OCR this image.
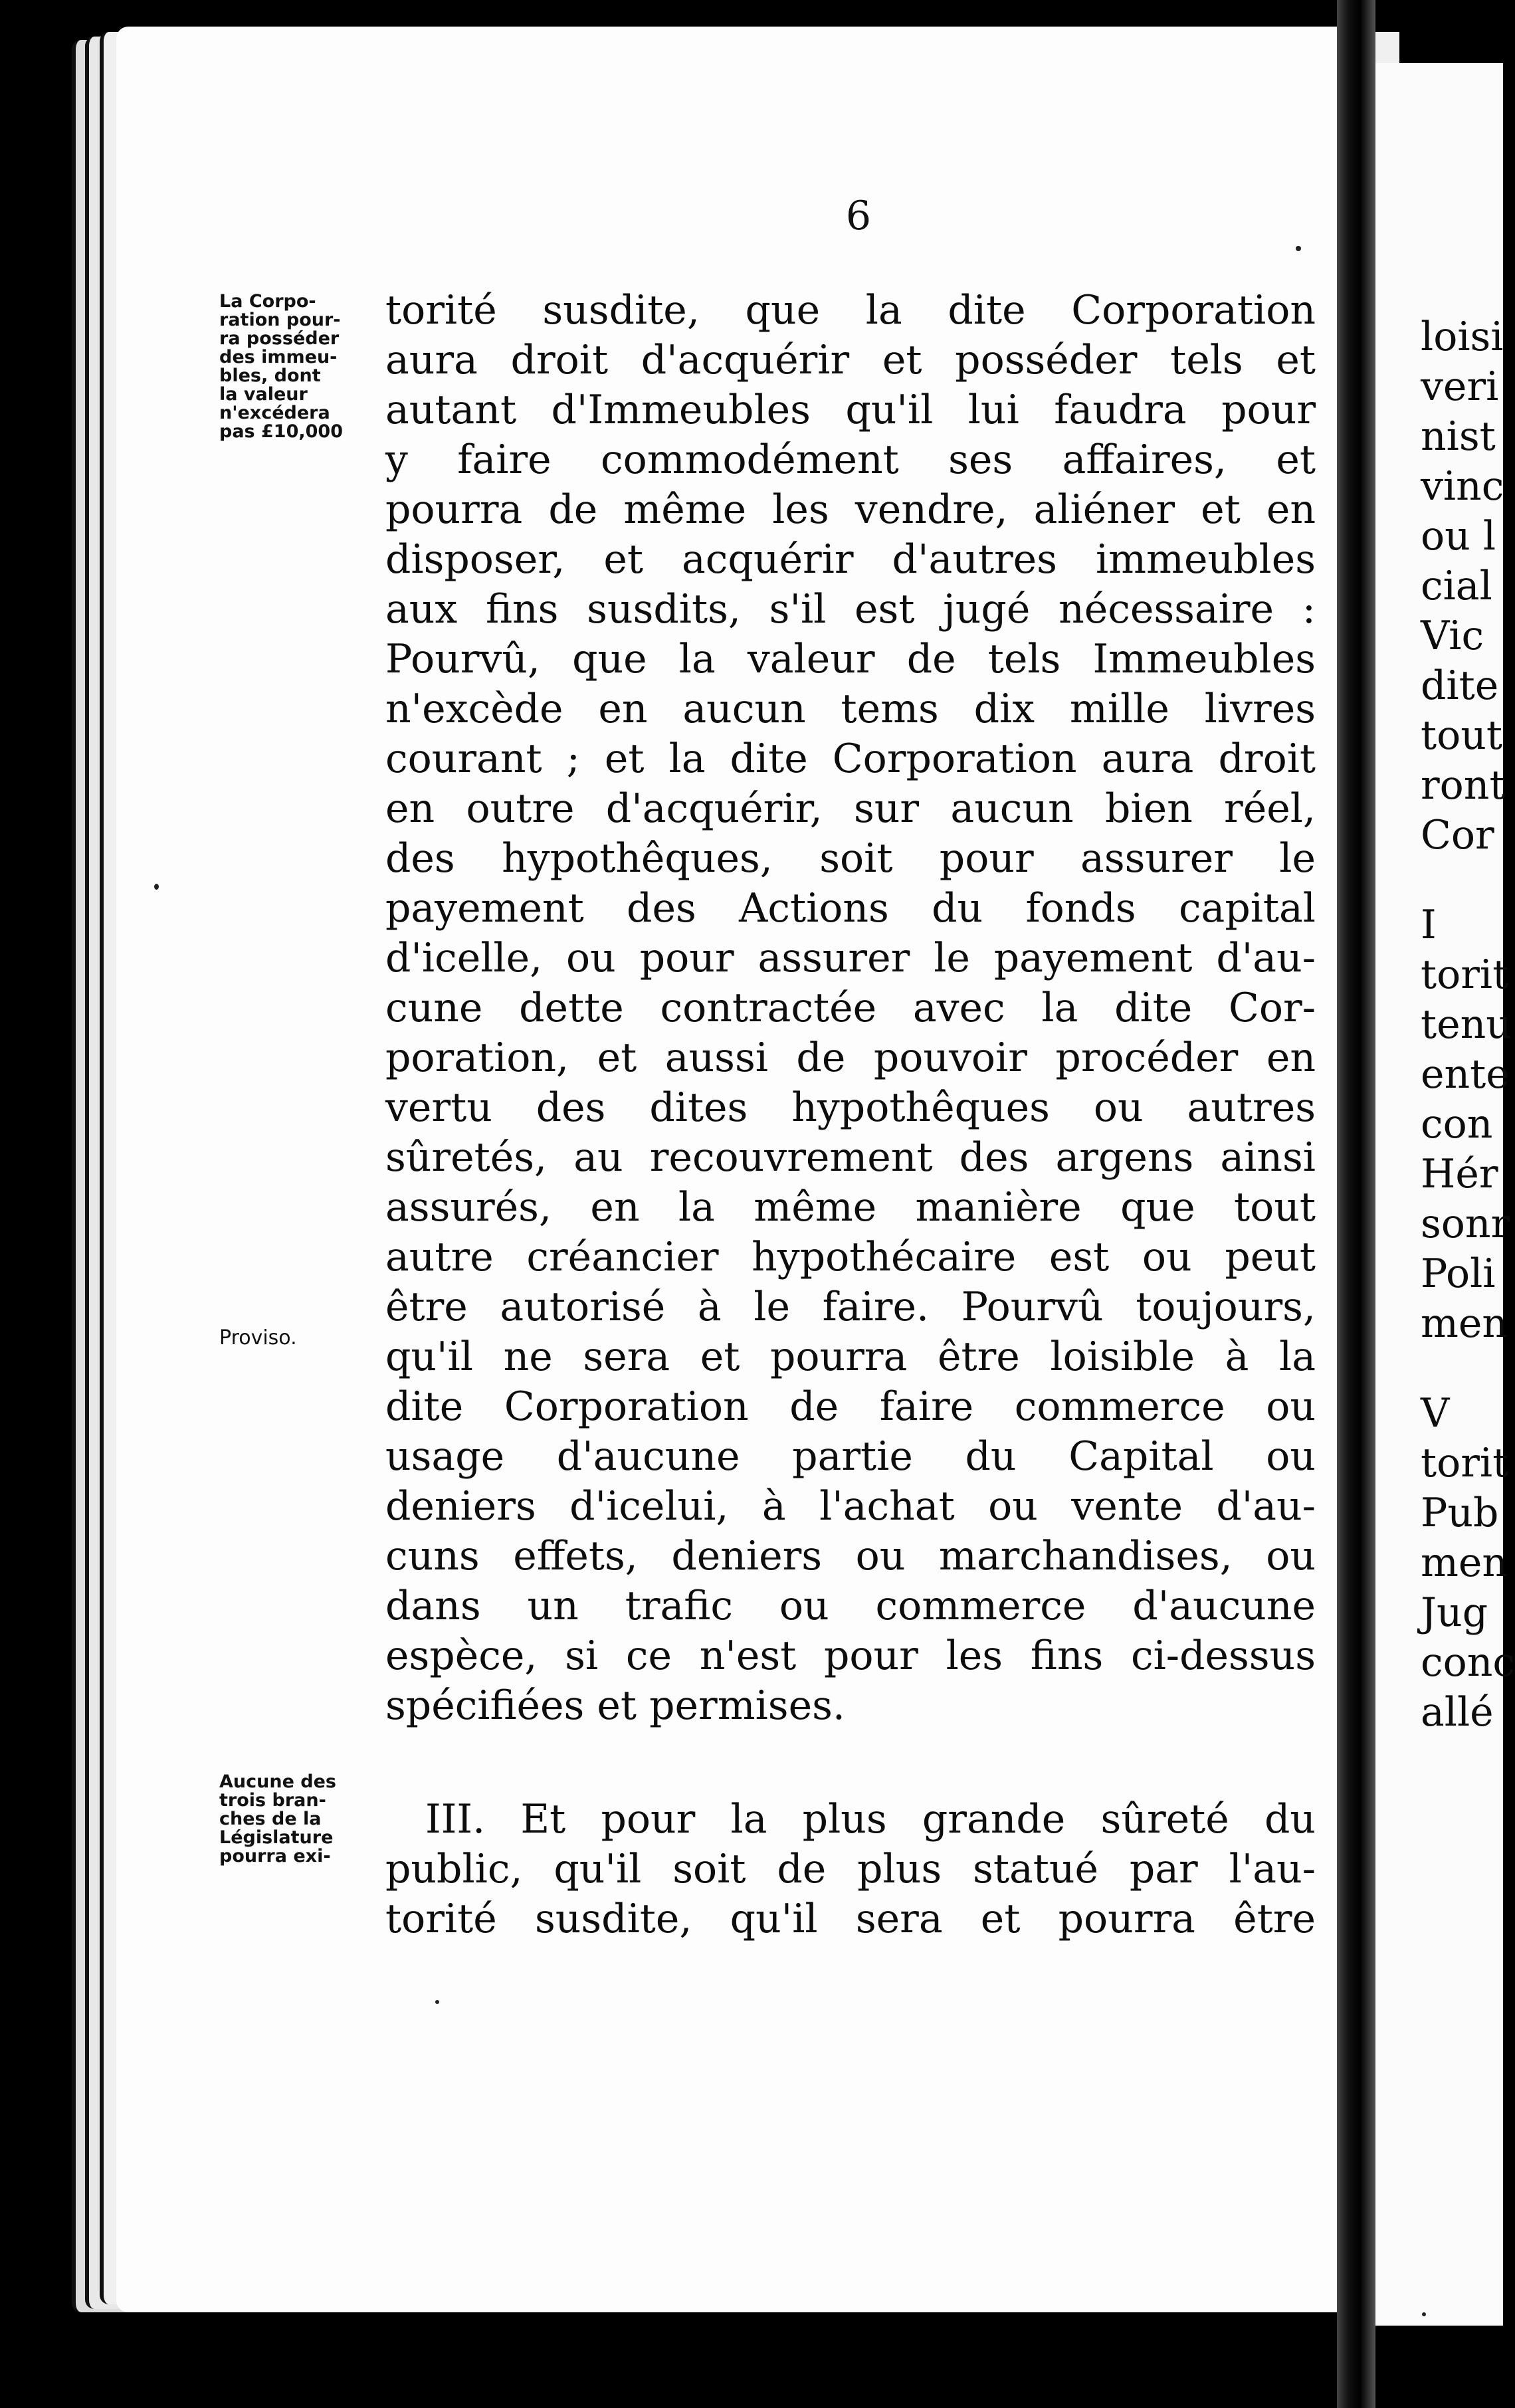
6
La Corpo-
ration pour-
ra posséder
des immeu-
bles, dont
la valeur
n'excédera
pas £10,000
Proviso.
Aucune des
trois bran-
ches de la
Législature
pourra exi-
torité susdite, que la dite Corporation
aura droit d'acquérir et posséder tels et
autant d'Immeubles qu'il lui faudra pour
y faire commodément ses affaires, et
pourra de même les vendre, aliéner et en
disposer, et acquérir d'autres immeubles
aux fins susdits, s'il est jugé nécessaire :
Pourvû, que la valeur de tels Immeubles
n'excède en aucun tems dix mille livres
courant ; et la dite Corporation aura droit
en outre d'acquérir, sur aucun bien réel,
des hypothêques, soit pour assurer le
payement des Actions du fonds capital
d'icelle, ou pour assurer le payement d'au-
cune dette contractée avec la dite Cor-
poration, et aussi de pouvoir procéder en
vertu des dites hypothêques ou autres
sûretés, au recouvrement des argens ainsi
assurés, en la même manière que tout
autre créancier hypothécaire est ou peut
être autorisé à le faire. Pourvû toujours,
qu'il ne sera et pourra être loisible à la
dite Corporation de faire commerce ou
usage d'aucune partie du Capital ou
deniers d'icelui, à l'achat ou vente d'au-
cuns effets, deniers ou marchandises, ou
dans un trafic ou commerce d'aucune
espèce, si ce n'est pour les fins ci-dessus
spécifiées et permises.
III. Et pour la plus grande sûreté du
public, qu'il soit de plus statué par l'au-
torité susdite, qu'il sera et pourra être
loisi
veri
nist
vinc
ou l
cial
Vic
dite
tout
ront
Cor
I
torit
tenu
ente
con
Hér
sonr
Poli
men
V
torit
Pub
men
Jug
conc
allé
